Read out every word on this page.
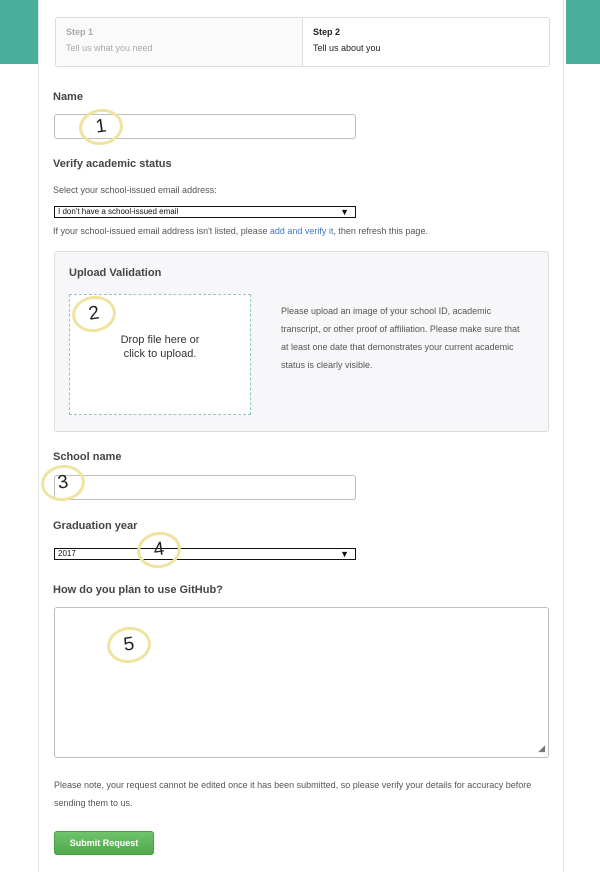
Step 1
Tell us what you need
Step 2
Tell us about you
Name
Verify academic status
Select your school-issued email address:
I don't have a school-issued email	▼
If your school-issued email address isn't listed, please add and verify it, then refresh this page.
Upload Validation
Drop file here or
click to upload.
Please upload an image of your school ID, academic transcript, or other proof of affiliation. Please make sure that at least one date that demonstrates your current academic status is clearly visible.
School name
Graduation year
2017	▼
How do you plan to use GitHub?
◢
Please note, your request cannot be edited once it has been submitted, so please verify your details for accuracy before sending them to us.
Submit Request
1
2
3
4
5
